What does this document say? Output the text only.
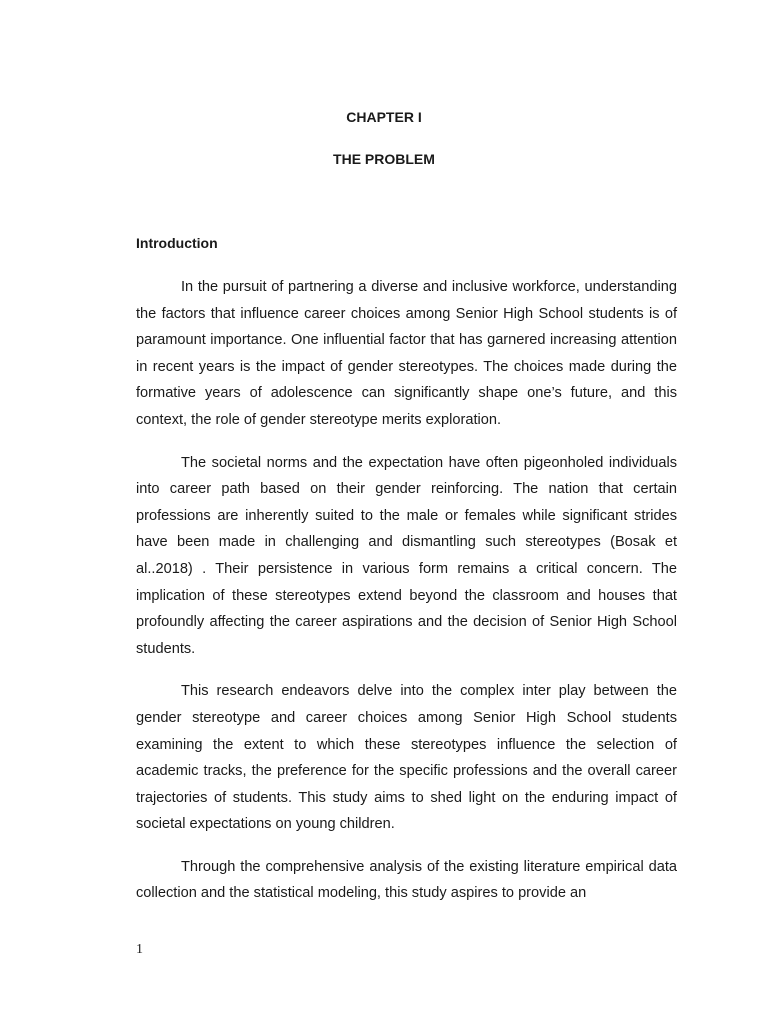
CHAPTER I
THE PROBLEM
Introduction

In the pursuit of partnering a diverse and inclusive workforce, understanding the factors that influence career choices among Senior High School students is of paramount importance. One influential factor that has garnered increasing attention in recent years is the impact of gender stereotypes. The choices made during the formative years of adolescence can significantly shape one’s future, and this context, the role of gender stereotype merits exploration.

The societal norms and the expectation have often pigeonholed individuals into career path based on their gender reinforcing. The nation that certain professions are inherently suited to the male or females while significant strides have been made in challenging and dismantling such stereotypes (Bosak et al..2018) . Their persistence in various form remains a critical concern. The implication of these stereotypes extend beyond the classroom and houses that profoundly affecting the career aspirations and the decision of Senior High School students.

This research endeavors delve into the complex inter play between the gender stereotype and career choices among Senior High School students examining the extent to which these stereotypes influence the selection of academic tracks, the preference for the specific professions and the overall career trajectories of students. This study aims to shed light on the enduring impact of societal expectations on young children.

Through the comprehensive analysis of the existing literature empirical data collection and the statistical modeling, this study aspires to provide an

1
